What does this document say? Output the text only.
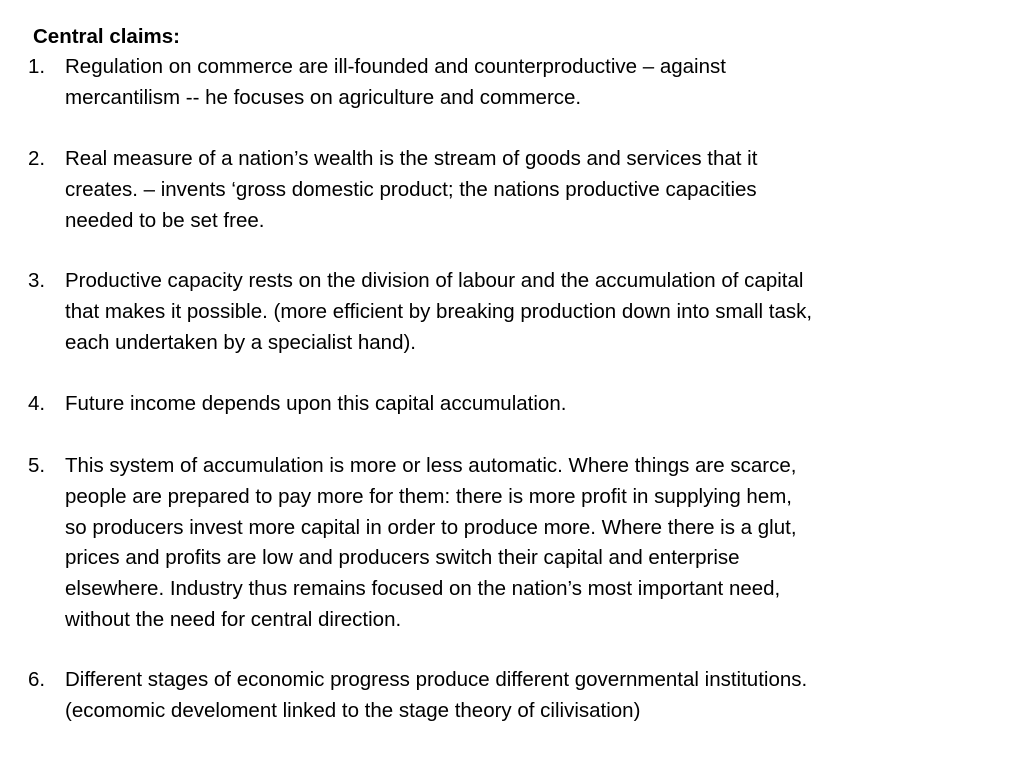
Central claims:
1. Regulation on commerce are ill-founded and counterproductive – against
mercantilism -- he focuses on agriculture and commerce.
2. Real measure of a nation’s wealth is the stream of goods and services that it
creates. – invents ‘gross domestic product; the nations productive capacities
needed to be set free.
3. Productive capacity rests on the division of labour and the accumulation of capital
that makes it possible. (more efficient by breaking production down into small task,
each undertaken by a specialist hand).
4. Future income depends upon this capital accumulation.
5. This system of accumulation is more or less automatic. Where things are scarce,
people are prepared to pay more for them: there is more profit in supplying hem,
so producers invest more capital in order to produce more. Where there is a glut,
prices and profits are low and producers switch their capital and enterprise
elsewhere. Industry thus remains focused on the nation’s most important need,
without the need for central direction.
6. Different stages of economic progress produce different governmental institutions.
(ecomomic develoment linked to the stage theory of cilivisation)
